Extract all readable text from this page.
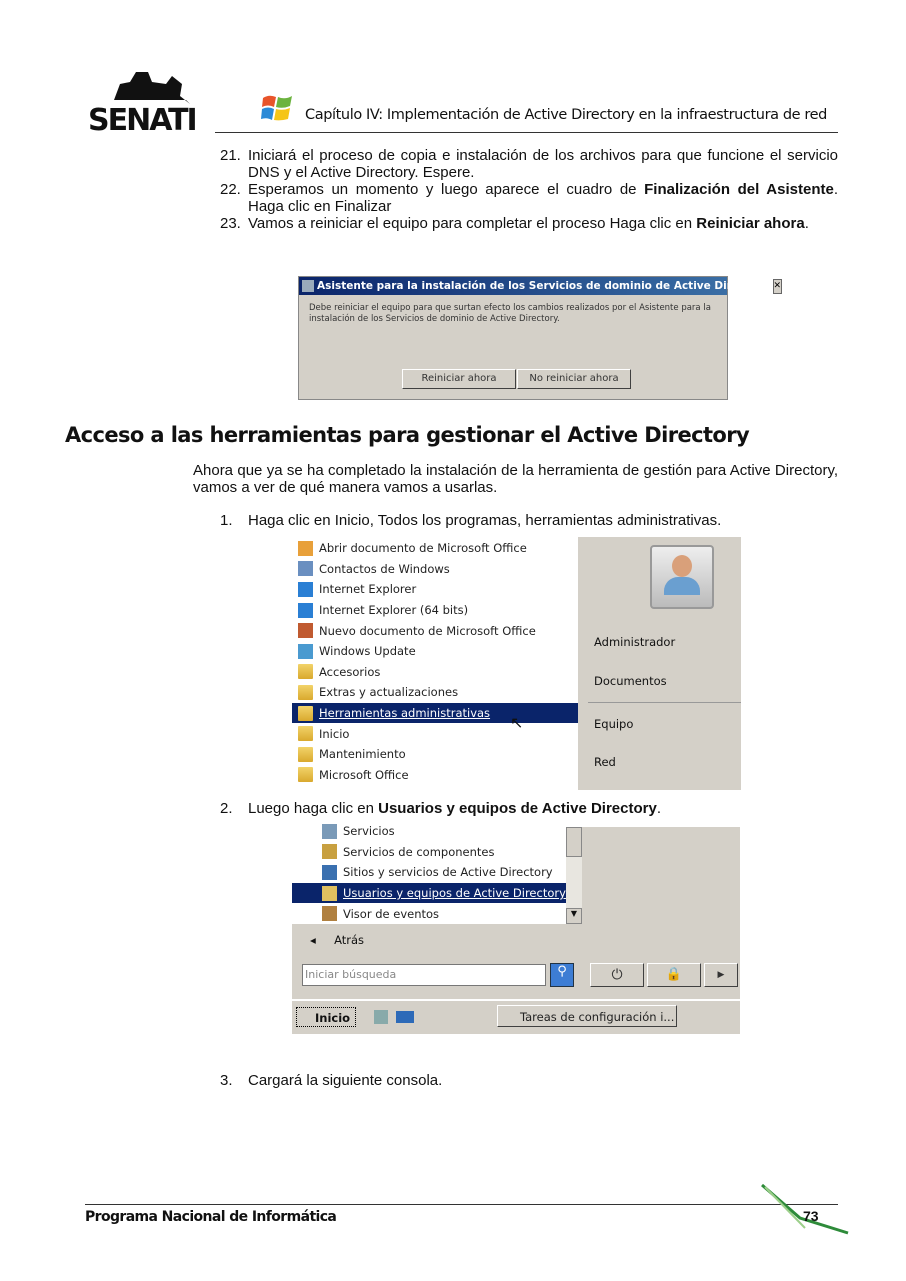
SENATI	Capítulo IV: Implementación de Active Directory en la infraestructura de red
21. Iniciará el proceso de copia e instalación de los archivos para que funcione el servicio DNS y el Active Directory. Espere.
22. Esperamos un momento y luego aparece el cuadro de Finalización del Asistente. Haga clic en Finalizar
23. Vamos a reiniciar el equipo para completar el proceso Haga clic en Reiniciar ahora.
Asistente para la instalación de los Servicios de dominio de Active Directory ✕
Debe reiniciar el equipo para que surtan efecto los cambios realizados por el Asistente para la instalación de los Servicios de dominio de Active Directory.
Reiniciar ahora	No reiniciar ahora
Acceso a las herramientas para gestionar el Active Directory
Ahora que ya se ha completado la instalación de la herramienta de gestión para Active Directory, vamos a ver de qué manera vamos a usarlas.
1. Haga clic en Inicio, Todos los programas, herramientas administrativas.
Abrir documento de Microsoft Office
Contactos de Windows
Internet Explorer
Internet Explorer (64 bits)
Nuevo documento de Microsoft Office
Windows Update
Accesorios
Extras y actualizaciones
Herramientas administrativas
Inicio
Mantenimiento
Microsoft Office
Administrador
Documentos
Equipo
Red
↖
2. Luego haga clic en Usuarios y equipos de Active Directory.
Servicios
Servicios de componentes
Sitios y servicios de Active Directory
Usuarios y equipos de Active Directory
Visor de eventos	▼
◂ Atrás
Iniciar búsqueda	⚲	⏻	🔒	▶
Inicio	Tareas de configuración i...
3. Cargará la siguiente consola.
Programa Nacional de Informática	73
